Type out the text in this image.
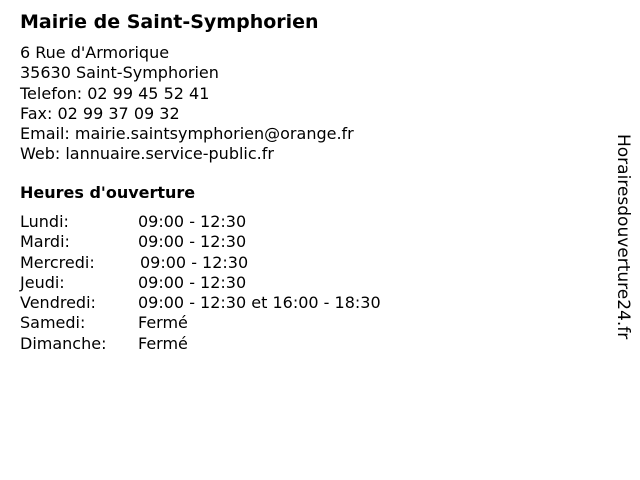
Mairie de Saint-Symphorien
6 Rue d'Armorique
35630 Saint-Symphorien
Telefon: 02 99 45 52 41
Fax: 02 99 37 09 32
Email: mairie.saintsymphorien@orange.fr
Web: lannuaire.service-public.fr
Heures d'ouverture
Lundi:	09:00 - 12:30
Mardi:	09:00 - 12:30
Mercredi:	09:00 - 12:30
Jeudi:	09:00 - 12:30
Vendredi:	09:00 - 12:30 et 16:00 - 18:30
Samedi:	Fermé
Dimanche: Fermé
Horairesdouverture24.fr
